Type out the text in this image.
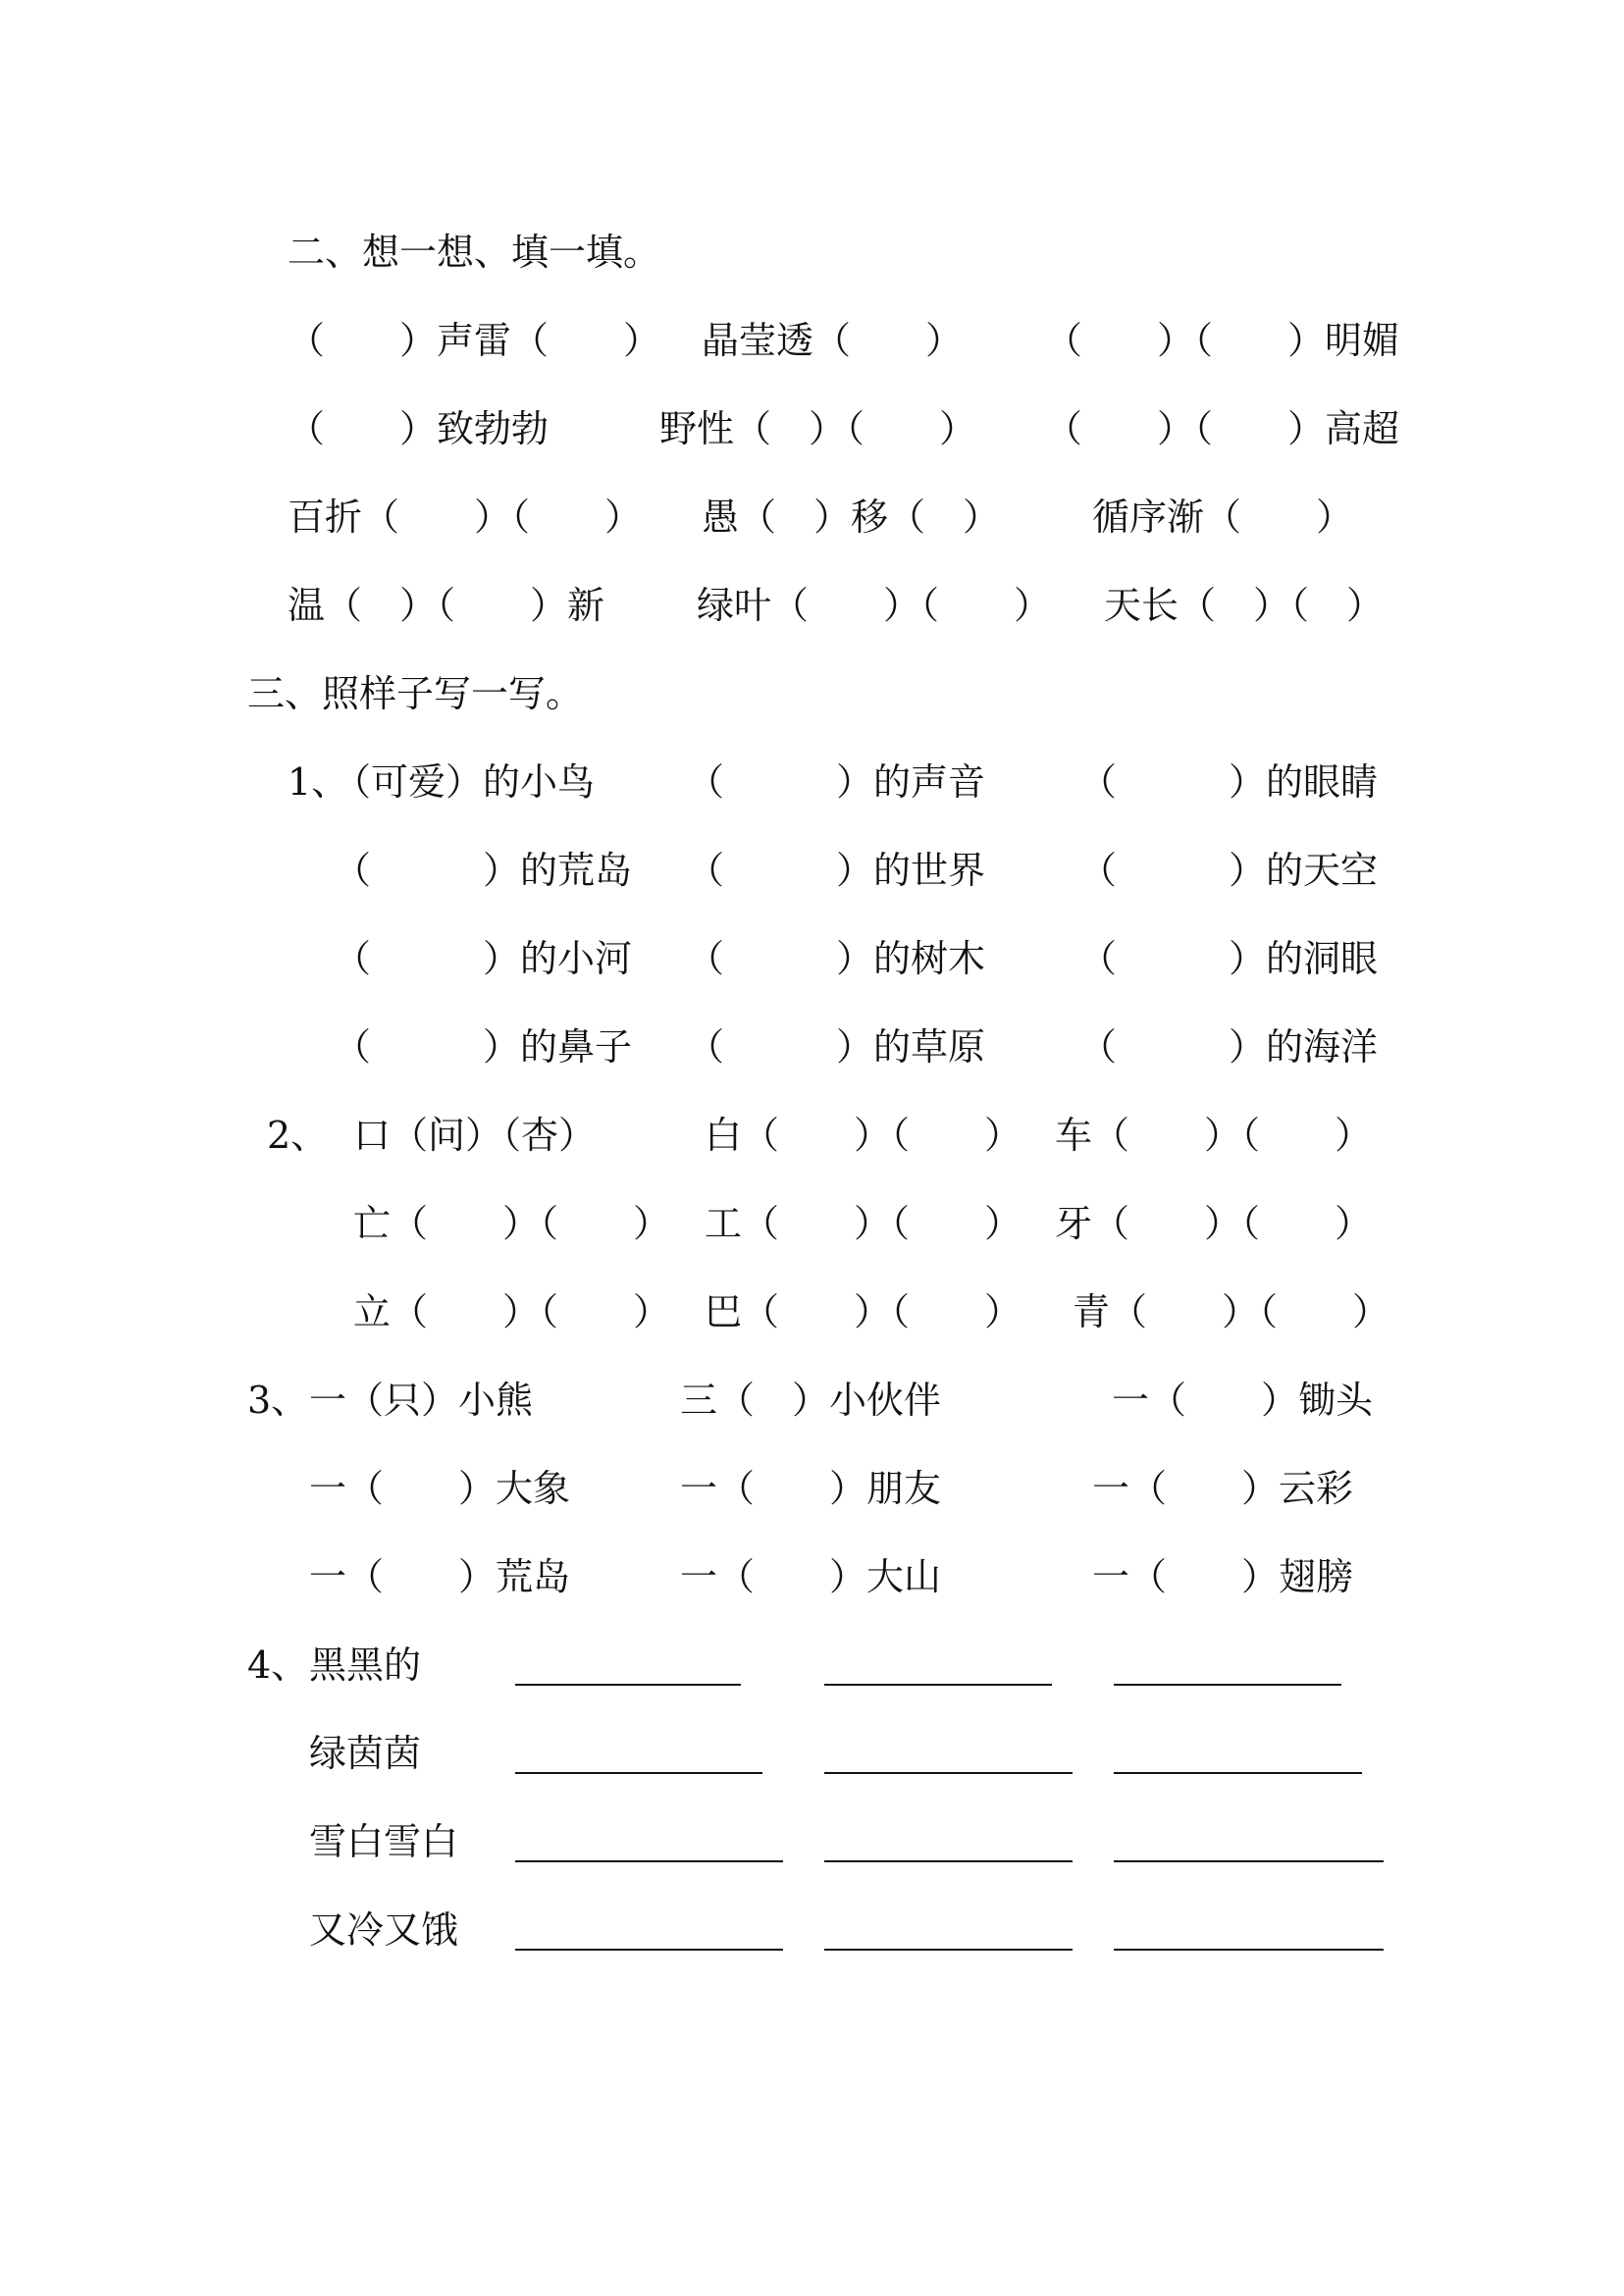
二、想一想、填一填。
（　　）声雷（　　） 晶莹透（　　） （　　）（　　）明媚
（　　）致勃勃	野性（　）（　　） （　　）（　　）高超
百折（　　）（　　） 愚（　）移（　） 循序渐（　　）
温（　）（　　）新 绿叶（　　）（　　） 天长（　）（　）
三、照样子写一写。
1、
（可爱）的小鸟 （　　　）的声音	（　　　）的眼睛
（　　　）的荒岛 （　　　）的世界	（　　　）的天空
（　　　）的小河 （　　　）的树木	（　　　）的洞眼
（　　　）的鼻子 （　　　）的草原	（　　　）的海洋
2、 口（问）（杏）	白（　　）（　　） 车（　　）（　　）
亡（　　）（　　） 工（　　）（　　） 牙（　　）（　　）
立（　　）（　　） 巴（　　）（　　） 青（　　）（　　）
3、 一（只）小熊	三（　）小伙伴	一（　　）锄头
一（　　）大象	一（　　）朋友	一（　　）云彩
一（　　）荒岛	一（　　）大山	一（　　）翅膀
4、 黑黑的
绿茵茵
雪白雪白
又冷又饿
